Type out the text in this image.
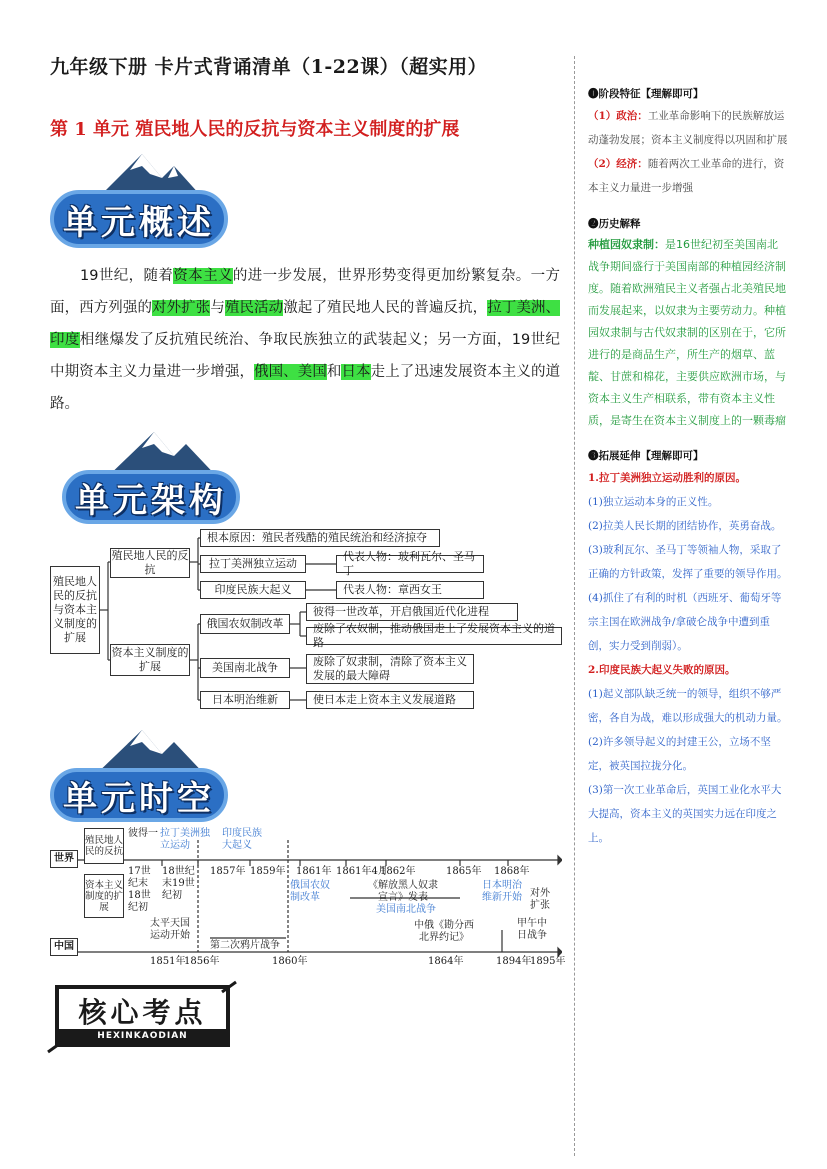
九年级下册 卡片式背诵清单（1-22课）（超实用）
第 1 单元 殖民地人民的反抗与资本主义制度的扩展
单元概述
19世纪，随着资本主义的进一步发展，世界形势变得更加纷繁复杂。一方面，西方列强的对外扩张与殖民活动激起了殖民地人民的普遍反抗，拉丁美洲、印度相继爆发了反抗殖民统治、争取民族独立的武装起义；另一方面，19世纪中期资本主义力量进一步增强，俄国、美国和日本走上了迅速发展资本主义的道路。
单元架构
殖民地人民的反抗与资本主义制度的扩展
殖民地人民的反抗
资本主义制度的扩展
根本原因：殖民者残酷的殖民统治和经济掠夺
拉丁美洲独立运动
代表人物：玻利瓦尔、圣马丁
印度民族大起义	代表人物：章西女王
俄国农奴制改革
彼得一世改革，开启俄国近代化进程
废除了农奴制，推动俄国走上了发展资本主义的道路
美国南北战争	废除了奴隶制，清除了资本主义发展的最大障碍
日本明治维新	使日本走上资本主义发展道路
单元时空
世界
殖民地人民的反抗
资本主义制度的扩展
中国
彼得一 拉丁美洲独立运动
印度民族大起义
17世纪末18世纪初
18世纪末19世纪初
1857年 1859年 1861年 1861年4月
1862年	1865年 1868年
俄国农奴制改革
《解放黑人奴隶宣言》发表
美国南北战争
日本明治维新开始 对外扩张
太平天国运动开始
第二次鸦片战争
中俄《勘分西北界约记》
甲午中日战争
1851年
1856年	1860年	1864年	1894年
1895年
核心考点
HEXINKAODIAN
❶阶段特征【理解即可】
（1）政治：工业革命影响下的民族解放运动蓬勃发展；资本主义制度得以巩固和扩展
（2）经济：随着两次工业革命的进行，资本主义力量进一步增强
❷历史解释
种植园奴隶制：是16世纪初至美国南北战争期间盛行于美国南部的种植园经济制度。随着欧洲殖民主义者强占北美殖民地而发展起来，以奴隶为主要劳动力。种植园奴隶制与古代奴隶制的区别在于，它所进行的是商品生产，所生产的烟草、蓝靛、甘蔗和棉花，主要供应欧洲市场，与资本主义生产相联系，带有资本主义性质，是寄生在资本主义制度上的一颗毒瘤
❸拓展延伸【理解即可】
1.拉丁美洲独立运动胜利的原因。
(1)独立运动本身的正义性。
(2)拉美人民长期的团结协作，英勇奋战。
(3)玻利瓦尔、圣马丁等领袖人物，采取了正确的方针政策，发挥了重要的领导作用。
(4)抓住了有利的时机（西班牙、葡萄牙等宗主国在欧洲战争/拿破仑战争中遭到重创，实力受到削弱）。
2.印度民族大起义失败的原因。
(1)起义部队缺乏统一的领导，组织不够严密，各自为战，难以形成强大的机动力量。
(2)许多领导起义的封建王公，立场不坚定，被英国拉拢分化。
(3)第一次工业革命后，英国工业化水平大大提高，资本主义的英国实力远在印度之上。
